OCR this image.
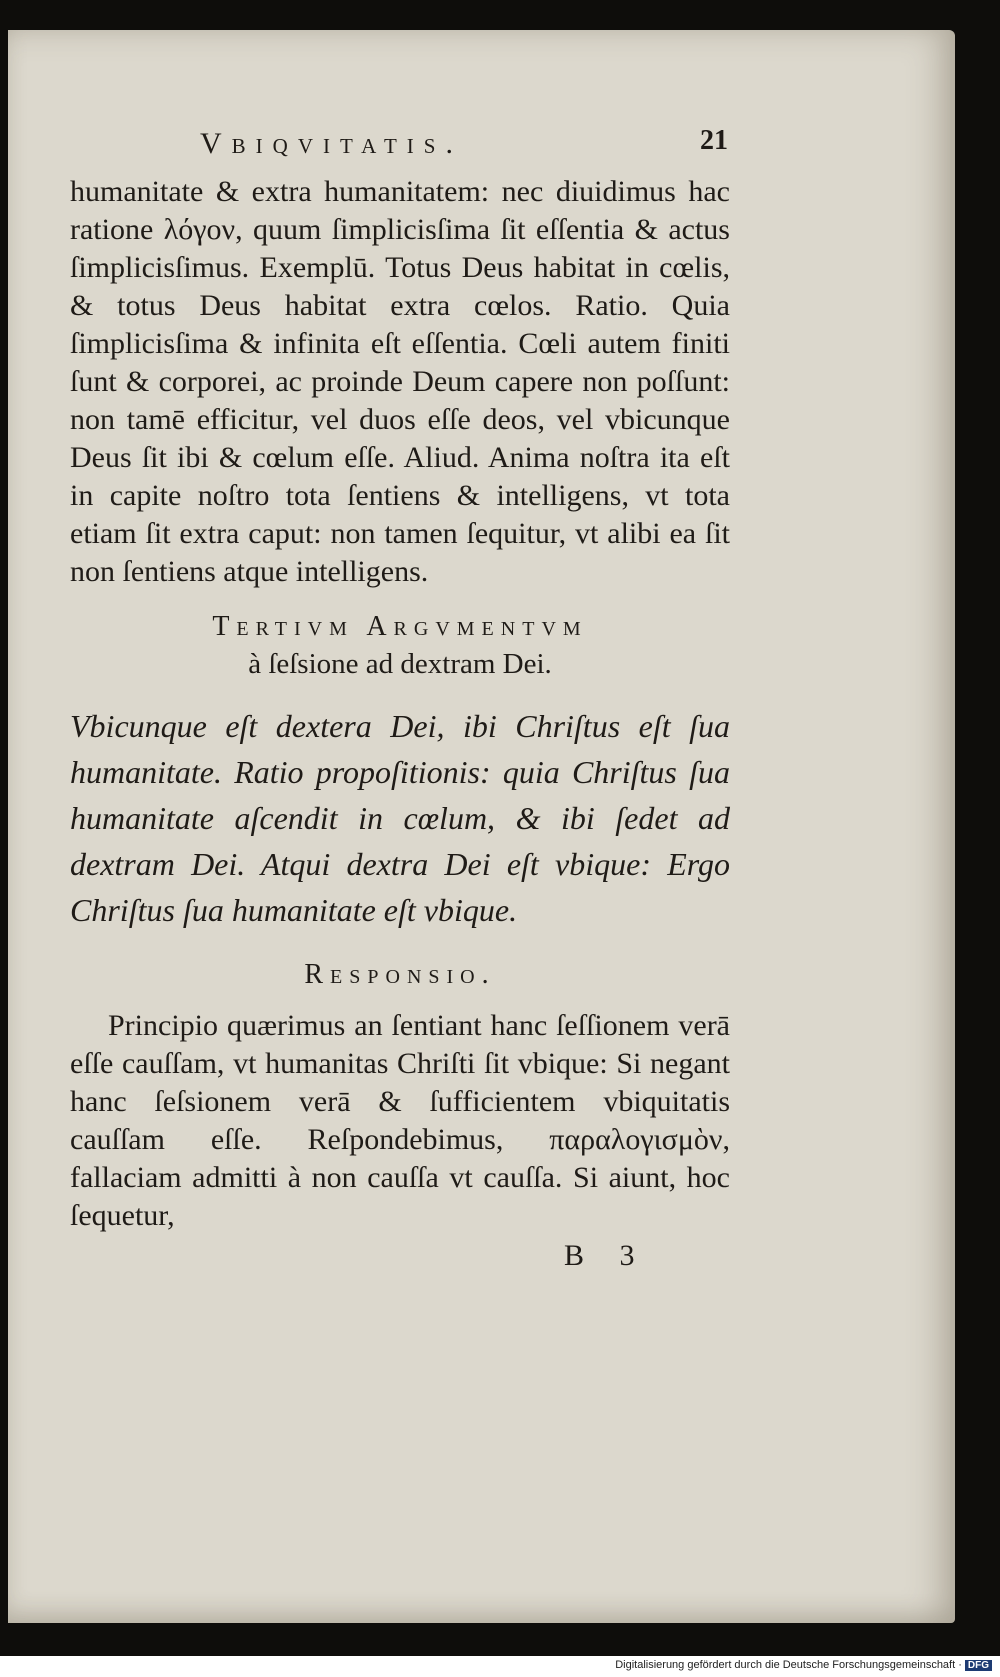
Vbiqvitatis.	21

humanitate & extra humanitatem: nec diuidimus hac ratione λόγον, quum ſimplicisſima ſit eſſentia & actus ſimplicisſimus. Exemplū. Totus Deus habitat in cœlis, & totus Deus habitat extra cœlos. Ratio. Quia ſimplicisſima & infinita eſt eſſentia. Cœli autem finiti ſunt & corporei, ac proinde Deum capere non poſſunt: non tamē efficitur, vel duos eſſe deos, vel vbicunque Deus ſit ibi & cœlum eſſe. Aliud. Anima noſtra ita eſt in capite noſtro tota ſentiens & intelligens, vt tota etiam ſit extra caput: non tamen ſequitur, vt alibi ea ſit non ſentiens atque intelligens.

Tertivm Argvmentvm
à ſeſsione ad dextram Dei.

Vbicunque eſt dextera Dei, ibi Chriſtus eſt ſua humanitate. Ratio propoſitionis: quia Chriſtus ſua humanitate aſcendit in cœlum, & ibi ſedet ad dextram Dei. Atqui dextra Dei eſt vbique: Ergo Chriſtus ſua humanitate eſt vbique.

Responsio.

Principio quærimus an ſentiant hanc ſeſſionem verā eſſe cauſſam, vt humanitas Chriſti ſit vbique: Si negant hanc ſeſsionem verā & ſufficientem vbiquitatis cauſſam eſſe. Reſpondebimus, παραλογισμὸν, fallaciam admitti à non cauſſa vt cauſſa. Si aiunt, hoc ſequetur,

B 3
Digitalisierung gefördert durch die Deutsche Forschungsgemeinschaft · DFG
